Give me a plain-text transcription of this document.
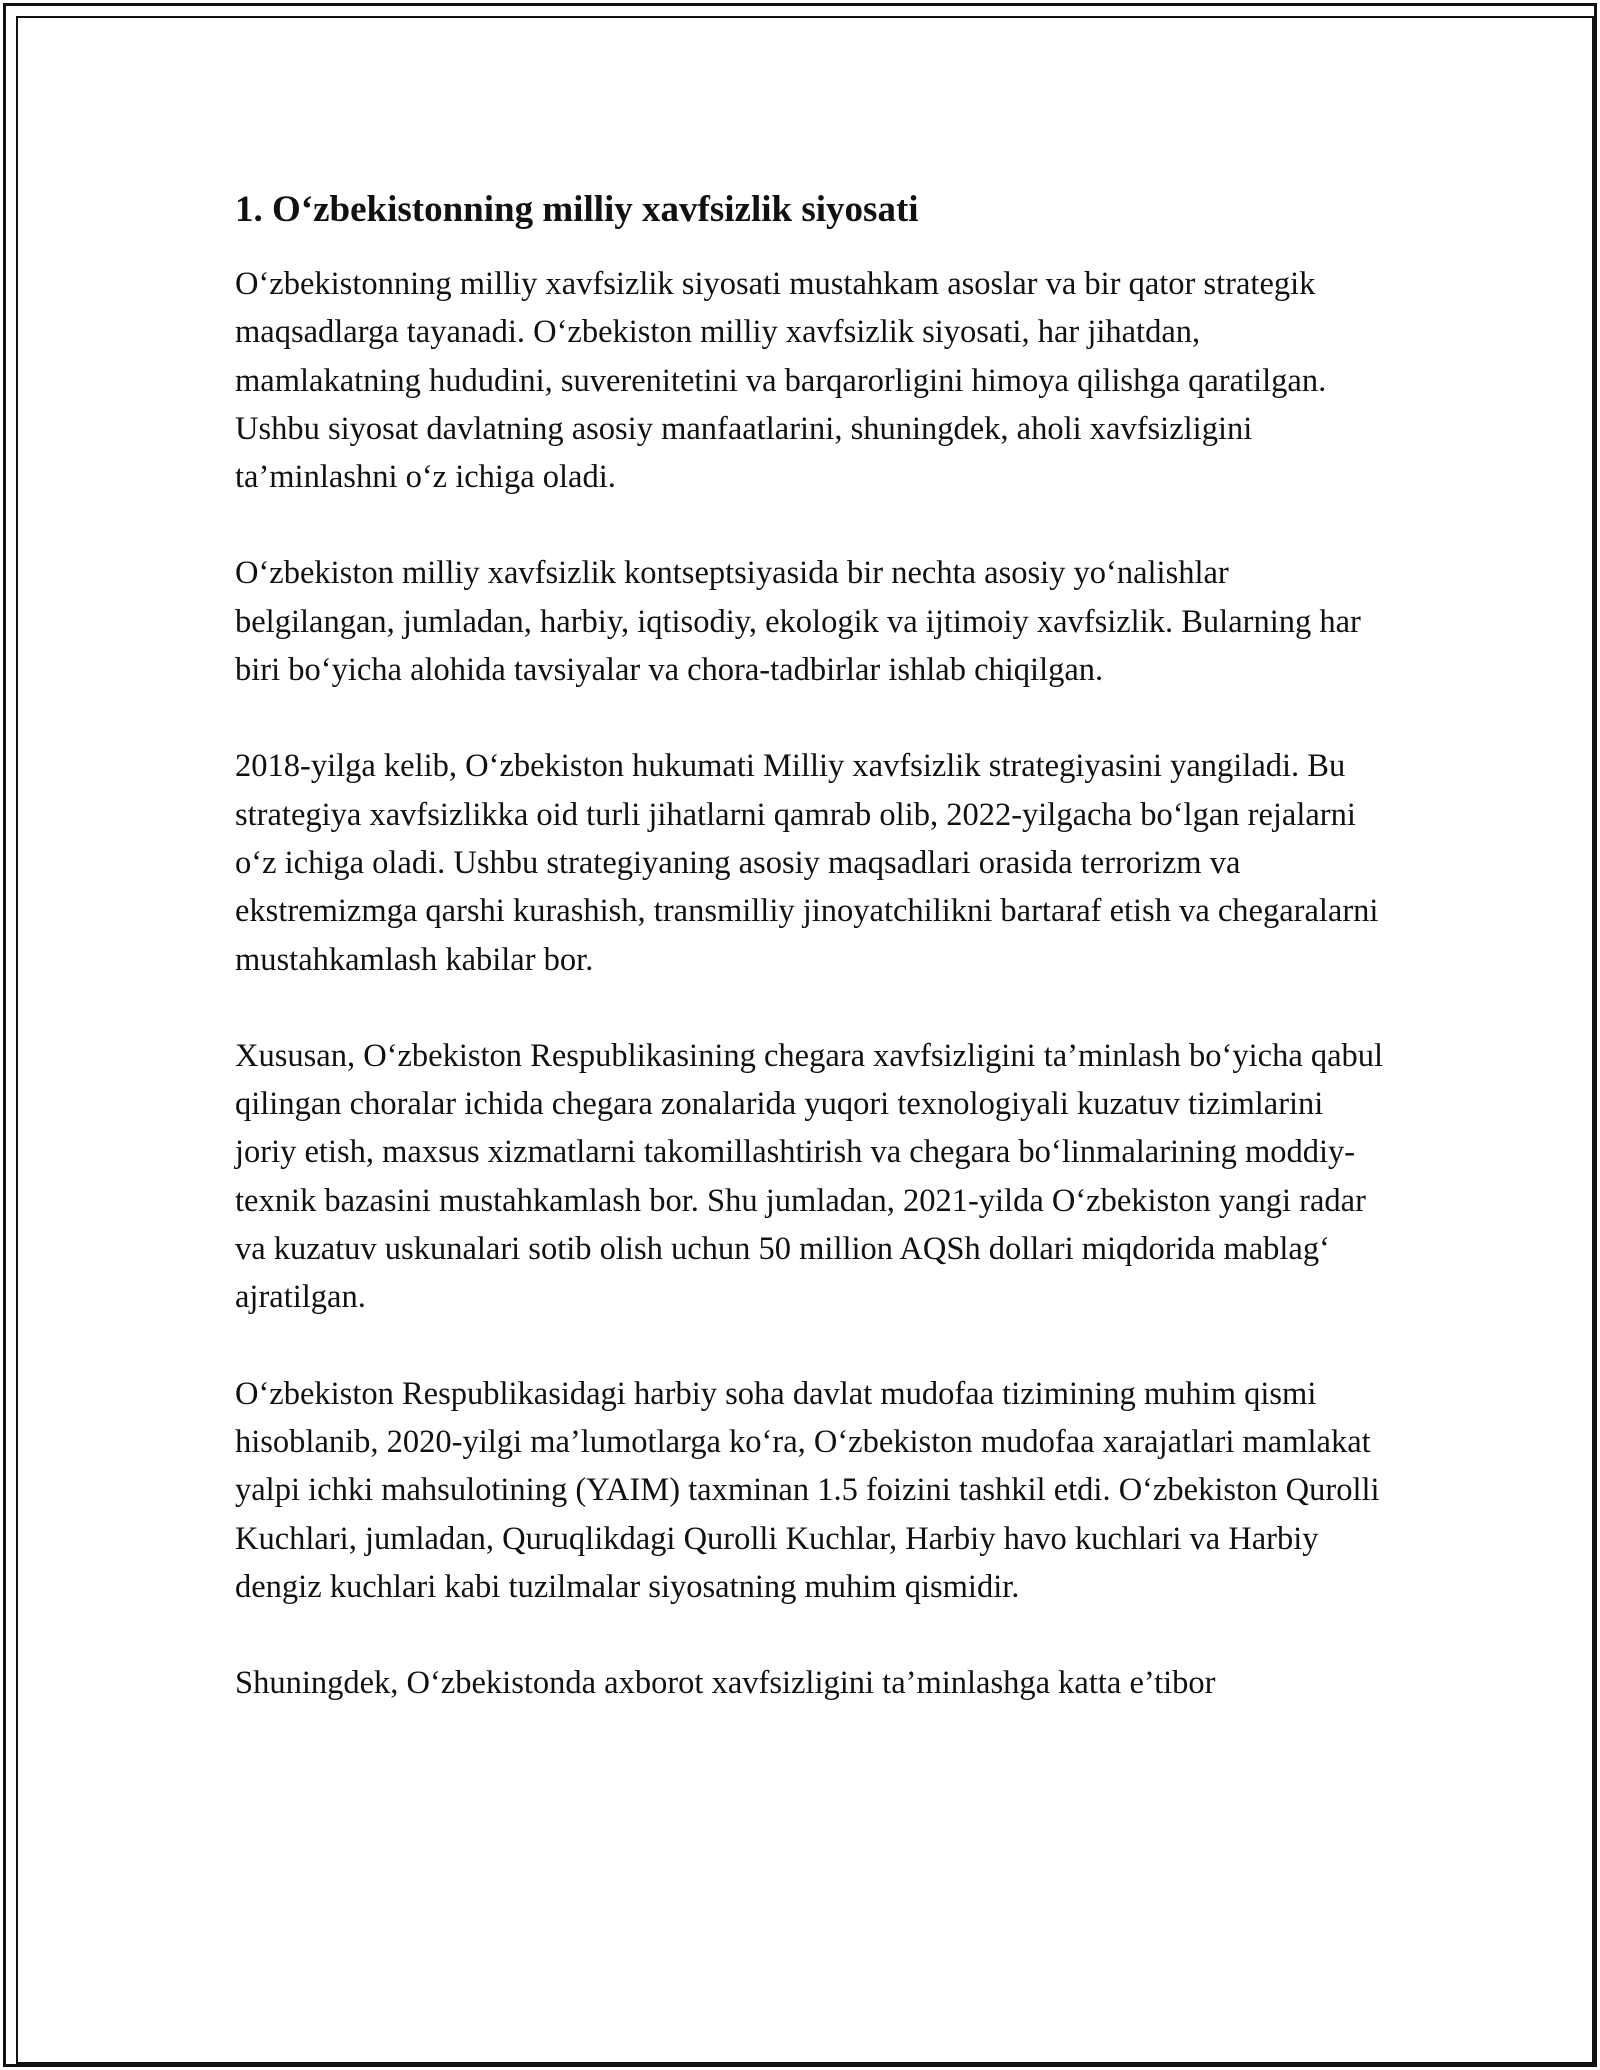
1. O‘zbekistonning milliy xavfsizlik siyosati

O‘zbekistonning milliy xavfsizlik siyosati mustahkam asoslar va bir qator strategik maqsadlarga tayanadi. O‘zbekiston milliy xavfsizlik siyosati, har jihatdan, mamlakatning hududini, suverenitetini va barqarorligini himoya qilishga qaratilgan. Ushbu siyosat davlatning asosiy manfaatlarini, shuningdek, aholi xavfsizligini ta’minlashni o‘z ichiga oladi.

O‘zbekiston milliy xavfsizlik kontseptsiyasida bir nechta asosiy yo‘nalishlar belgilangan, jumladan, harbiy, iqtisodiy, ekologik va ijtimoiy xavfsizlik. Bularning har biri bo‘yicha alohida tavsiyalar va chora-tadbirlar ishlab chiqilgan.

2018-yilga kelib, O‘zbekiston hukumati Milliy xavfsizlik strategiyasini yangiladi. Bu strategiya xavfsizlikka oid turli jihatlarni qamrab olib, 2022-yilgacha bo‘lgan rejalarni o‘z ichiga oladi. Ushbu strategiyaning asosiy maqsadlari orasida terrorizm va ekstremizmga qarshi kurashish, transmilliy jinoyatchilikni bartaraf etish va chegaralarni mustahkamlash kabilar bor.

Xususan, O‘zbekiston Respublikasining chegara xavfsizligini ta’minlash bo‘yicha qabul qilingan choralar ichida chegara zonalarida yuqori texnologiyali kuzatuv tizimlarini joriy etish, maxsus xizmatlarni takomillashtirish va chegara bo‘linmalarining moddiy-texnik bazasini mustahkamlash bor. Shu jumladan, 2021-yilda O‘zbekiston yangi radar va kuzatuv uskunalari sotib olish uchun 50 million AQSh dollari miqdorida mablag‘ ajratilgan.

O‘zbekiston Respublikasidagi harbiy soha davlat mudofaa tizimining muhim qismi hisoblanib, 2020-yilgi ma’lumotlarga ko‘ra, O‘zbekiston mudofaa xarajatlari mamlakat yalpi ichki mahsulotining (YAIM) taxminan 1.5 foizini tashkil etdi. O‘zbekiston Qurolli Kuchlari, jumladan, Quruqlikdagi Qurolli Kuchlar, Harbiy havo kuchlari va Harbiy dengiz kuchlari kabi tuzilmalar siyosatning muhim qismidir.

Shuningdek, O‘zbekistonda axborot xavfsizligini ta’minlashga katta e’tibor
